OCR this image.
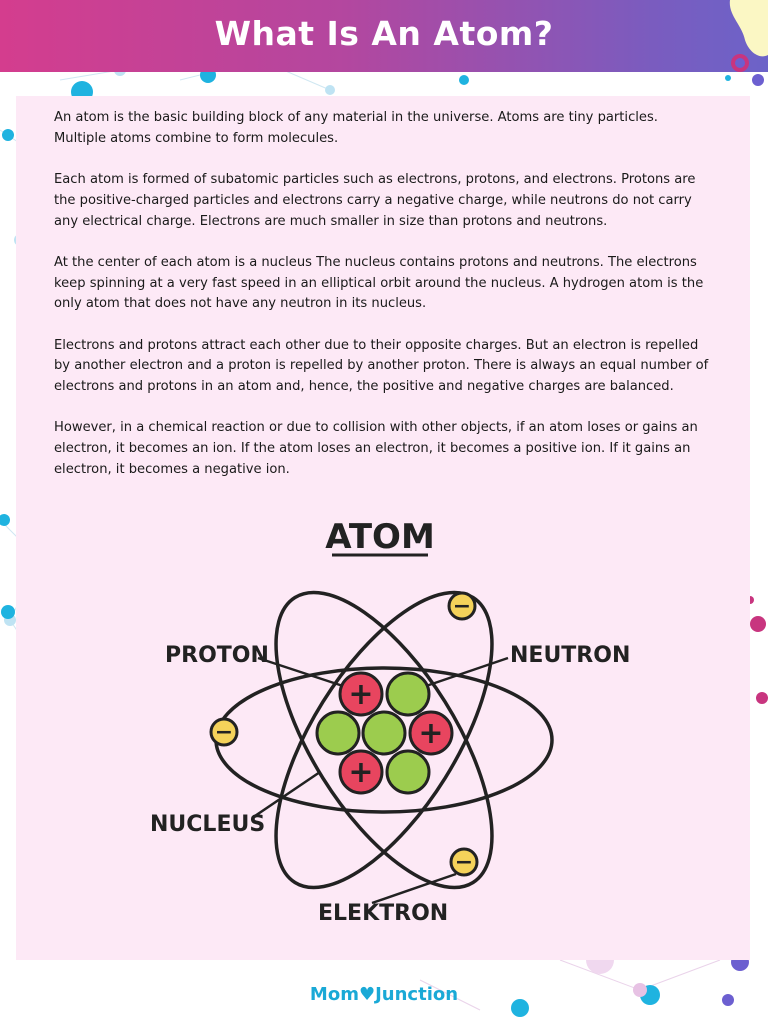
What Is An Atom?

An atom is the basic building block of any material in the universe. Atoms are tiny particles. Multiple atoms combine to form molecules.

Each atom is formed of subatomic particles such as electrons, protons, and electrons. Protons are the positive-charged particles and electrons carry a negative charge, while neutrons do not carry any electrical charge. Electrons are much smaller in size than protons and neutrons.

At the center of each atom is a nucleus The nucleus contains protons and neutrons. The electrons keep spinning at a very fast speed in an elliptical orbit around the nucleus. A hydrogen atom is the only atom that does not have any neutron in its nucleus.

Electrons and protons attract each other due to their opposite charges. But an electron is repelled by another electron and a proton is repelled by another proton. There is always an equal number of electrons and protons in an atom and, hence, the positive and negative charges are balanced.

However, in a chemical reaction or due to collision with other objects, if an atom loses or gains an electron, it becomes an ion. If the atom loses an electron, it becomes a positive ion. If it gains an electron, it becomes a negative ion.

ATOM
+
+
+
−
−
−
PROTON	NEUTRON
NUCLEUS
ELEKTRON
Mom♥Junction
